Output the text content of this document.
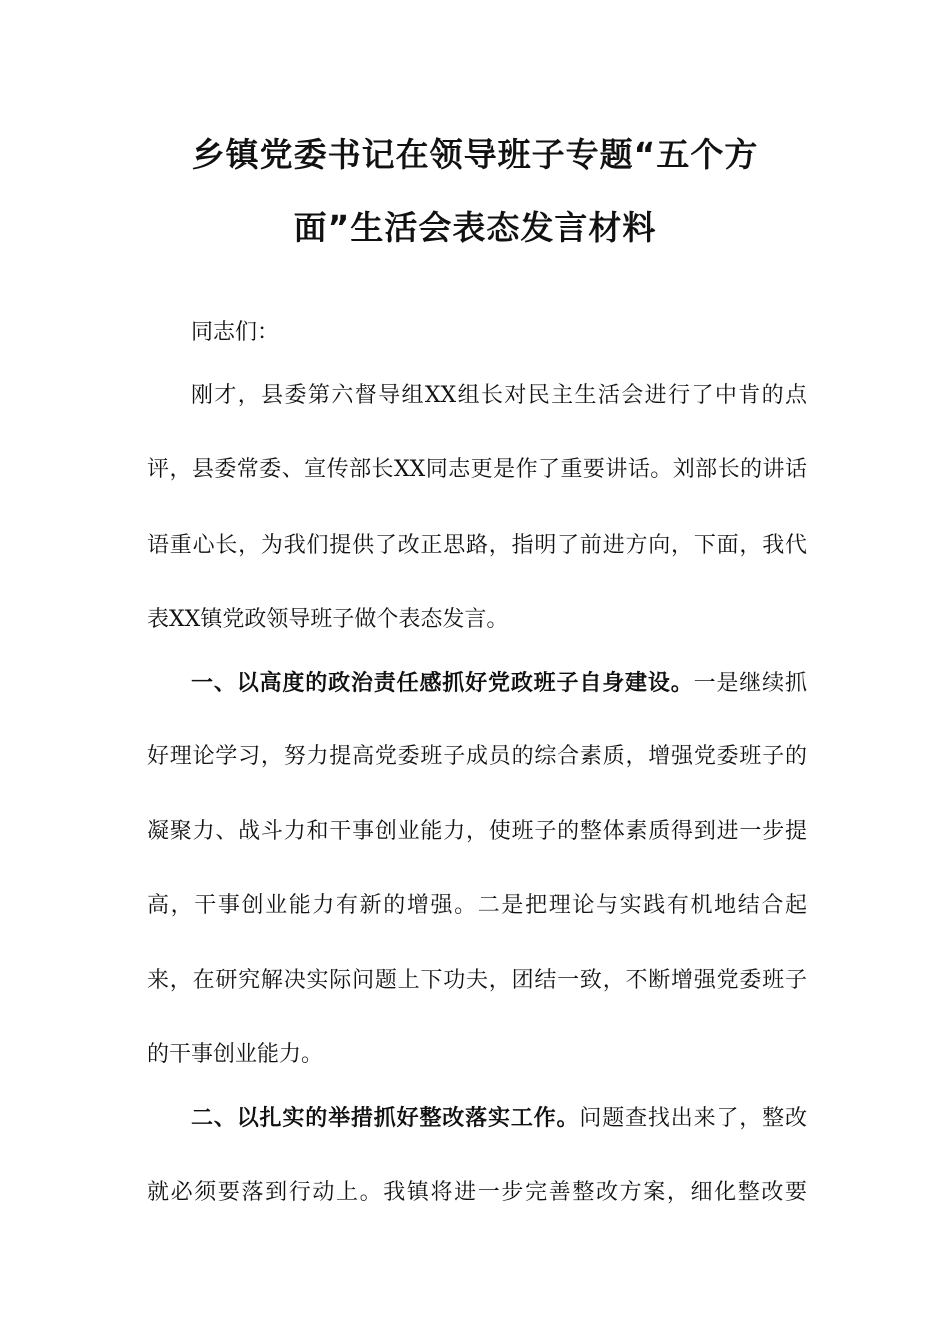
乡镇党委书记在领导班子专题“五个方
面”生活会表态发言材料
同志们：
刚才，县委第六督导组XX组长对民主生活会进行了中肯的点
评，县委常委、宣传部长XX同志更是作了重要讲话。刘部长的讲话
语重心长，为我们提供了改正思路，指明了前进方向，下面，我代
表XX镇党政领导班子做个表态发言。
一、以高度的政治责任感抓好党政班子自身建设。一是继续抓
好理论学习，努力提高党委班子成员的综合素质，增强党委班子的
凝聚力、战斗力和干事创业能力，使班子的整体素质得到进一步提
高，干事创业能力有新的增强。二是把理论与实践有机地结合起
来，在研究解决实际问题上下功夫，团结一致，不断增强党委班子
的干事创业能力。
二、以扎实的举措抓好整改落实工作。问题查找出来了，整改
就必须要落到行动上。我镇将进一步完善整改方案，细化整改要
